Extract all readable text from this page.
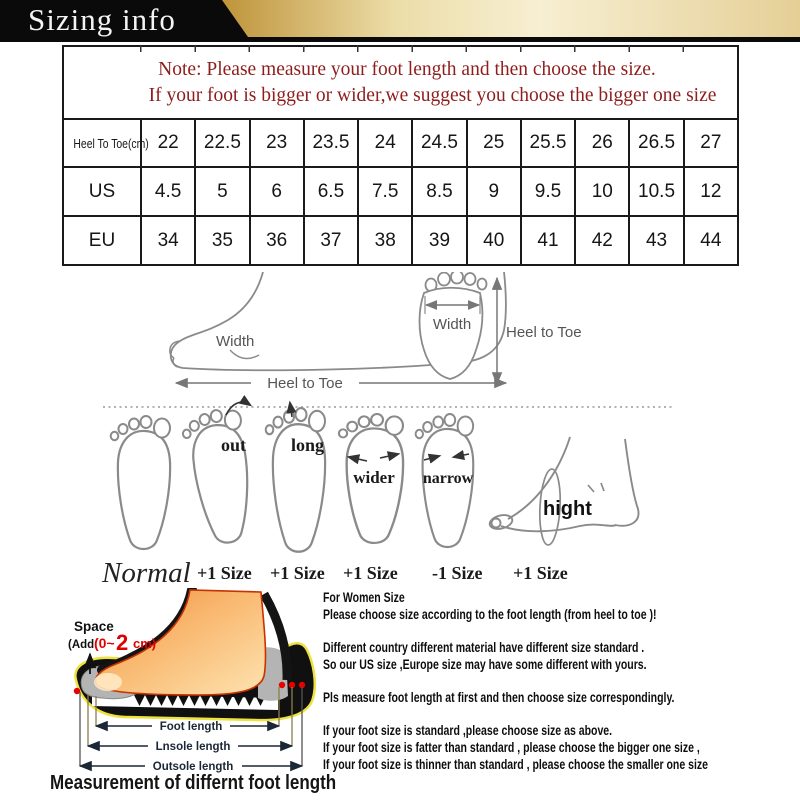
Sizing info
Note: Please measure your foot length and then choose the size.
If your foot is bigger or wider,we suggest you choose the bigger one size											

Heel To Toe(cm)	22	22.5	23	23.5	24	24.5	25	25.5	26	26.5	27
US	4.5	5	6	6.5	7.5	8.5	9	9.5	10	10.5	12
EU	34	35	36	37	38	39	40	41	42	43	44
Width
Heel to Toe
Width Heel to Toe
out long
wider narrow
hight
Normal +1 Size +1 Size +1 Size -1 Size +1 Size
Foot length
Lnsole length
Outsole length
Space
(Add (0~ 2 cm)
Measurement of differnt foot length
For Women Size
Please choose size according to the foot length (from heel to toe )!
Different country different material have different size standard .
So our US size ,Europe size may have some different with yours.
Pls measure foot length at first and then choose size correspondingly.
If your foot size is standard ,please choose size as above.
If your foot size is fatter than standard , please choose the bigger one size ,
If your foot size is thinner than standard , please choose the smaller one size
